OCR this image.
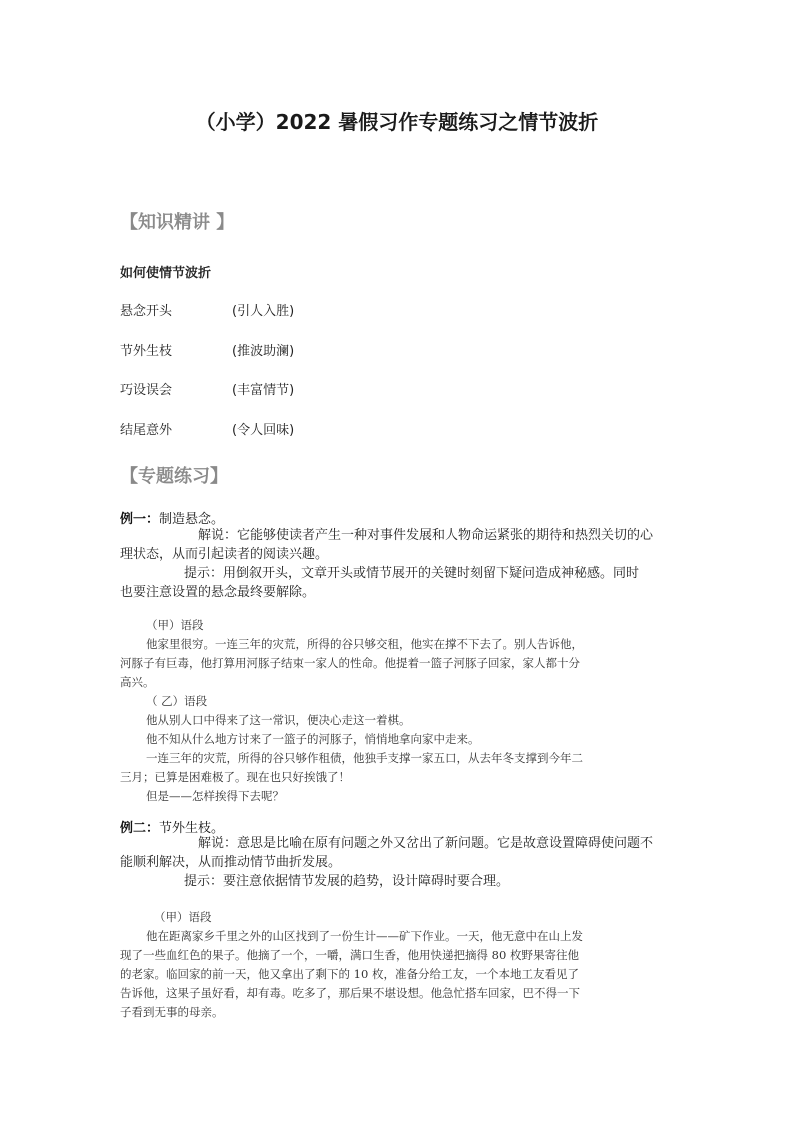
（小学）2022 暑假习作专题练习之情节波折
【知识精讲 】
如何使情节波折
悬念开头	(引人入胜)
节外生枝	(推波助澜)
巧设误会	(丰富情节)
结尾意外	(令人回味)
【专题练习】
例一：制造悬念。
解说：它能够使读者产生一种对事件发展和人物命运紧张的期待和热烈关切的心
理状态，从而引起读者的阅读兴趣。
提示：用倒叙开头，文章开头或情节展开的关键时刻留下疑问造成神秘感。同时
也要注意设置的悬念最终要解除。

（甲）语段

他家里很穷。一连三年的灾荒，所得的谷只够交租，他实在撑不下去了。别人告诉他，

河豚子有巨毒，他打算用河豚子结束一家人的性命。他提着一篮子河豚子回家，家人都十分

高兴。

（ 乙）语段

他从别人口中得来了这一常识，便决心走这一着棋。

他不知从什么地方讨来了一篮子的河豚子，悄悄地拿向家中走来。

一连三年的灾荒，所得的谷只够作租债，他独手支撑一家五口，从去年冬支撑到今年二

三月；已算是困难极了。现在也只好挨饿了！

但是——怎样挨得下去呢？

例二：节外生枝。
解说：意思是比喻在原有问题之外又岔出了新问题。它是故意设置障碍使问题不
能顺利解决，从而推动情节曲折发展。
提示：要注意依据情节发展的趋势，设计障碍时要合理。

（甲）语段

他在距离家乡千里之外的山区找到了一份生计——矿下作业。一天，他无意中在山上发

现了一些血红色的果子。他摘了一个，一嚼，满口生香，他用快递把摘得 80 枚野果寄往他

的老家。临回家的前一天，他又拿出了剩下的 10 枚，准备分给工友，一个本地工友看见了

告诉他，这果子虽好看，却有毒。吃多了，那后果不堪设想。他急忙搭车回家，巴不得一下

子看到无事的母亲。
